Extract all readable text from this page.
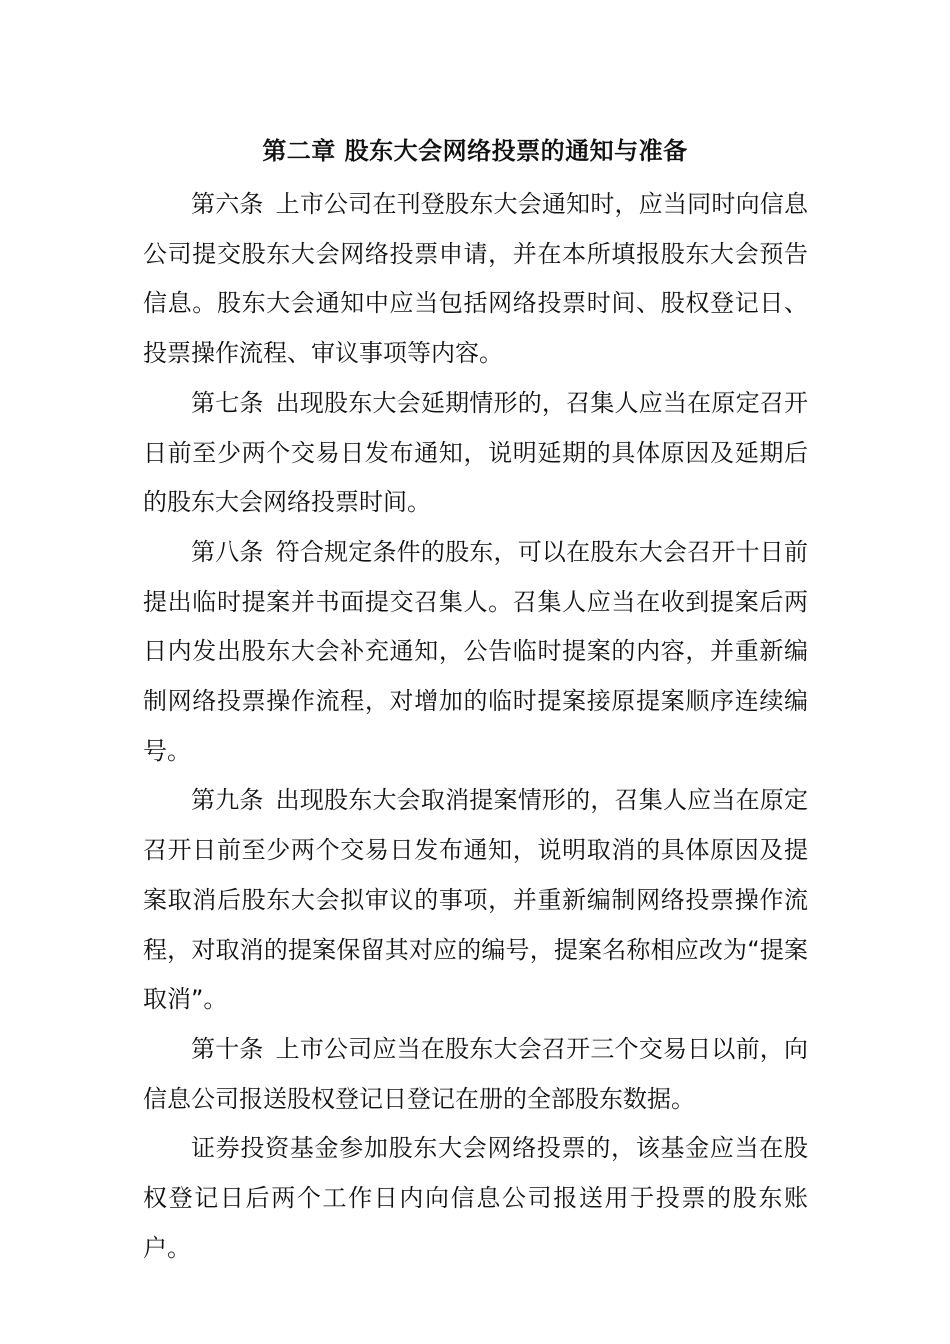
第二章 股东大会网络投票的通知与准备

第六条 上市公司在刊登股东大会通知时，应当同时向信息公司提交股东大会网络投票申请，并在本所填报股东大会预告信息。股东大会通知中应当包括网络投票时间、股权登记日、投票操作流程、审议事项等内容。

第七条 出现股东大会延期情形的，召集人应当在原定召开日前至少两个交易日发布通知，说明延期的具体原因及延期后的股东大会网络投票时间。

第八条 符合规定条件的股东，可以在股东大会召开十日前提出临时提案并书面提交召集人。召集人应当在收到提案后两日内发出股东大会补充通知，公告临时提案的内容，并重新编制网络投票操作流程，对增加的临时提案接原提案顺序连续编号。

第九条 出现股东大会取消提案情形的，召集人应当在原定召开日前至少两个交易日发布通知，说明取消的具体原因及提案取消后股东大会拟审议的事项，并重新编制网络投票操作流程，对取消的提案保留其对应的编号，提案名称相应改为“提案取消”。

第十条 上市公司应当在股东大会召开三个交易日以前，向信息公司报送股权登记日登记在册的全部股东数据。

证券投资基金参加股东大会网络投票的，该基金应当在股权登记日后两个工作日内向信息公司报送用于投票的股东账户。
